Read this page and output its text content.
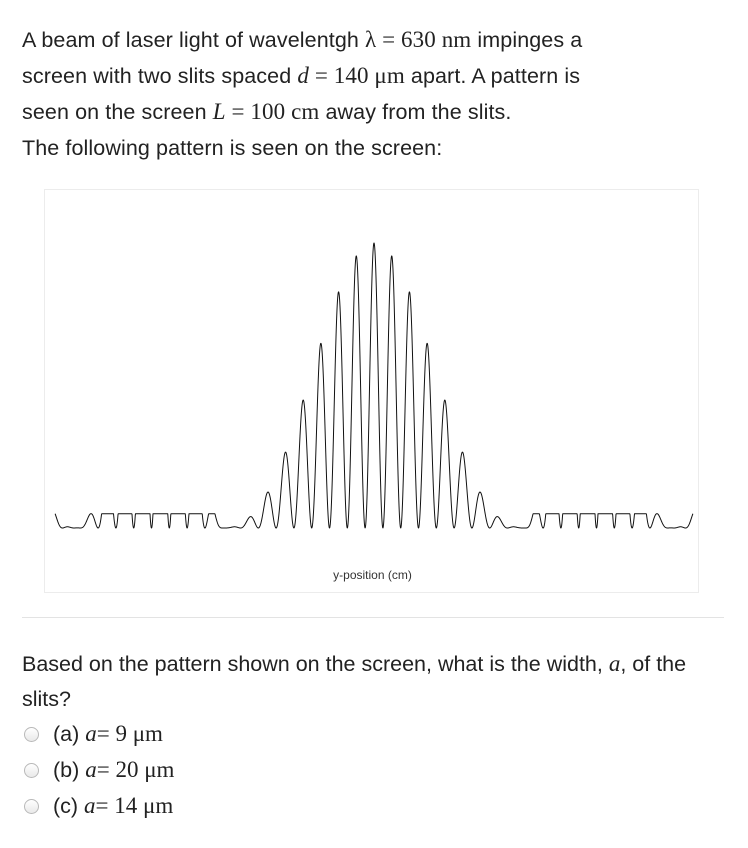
A beam of laser light of wavelentgh λ = 630 nm impinges a

screen with two slits spaced d = 140 μm apart. A pattern is

seen on the screen L = 100 cm away from the slits.

The following pattern is seen on the screen:

y-position (cm)
Based on the pattern shown on the screen, what is the width, a, of the slits?
(a) a = 9 μm
(b) a = 20 μm
(c) a = 14 μm
